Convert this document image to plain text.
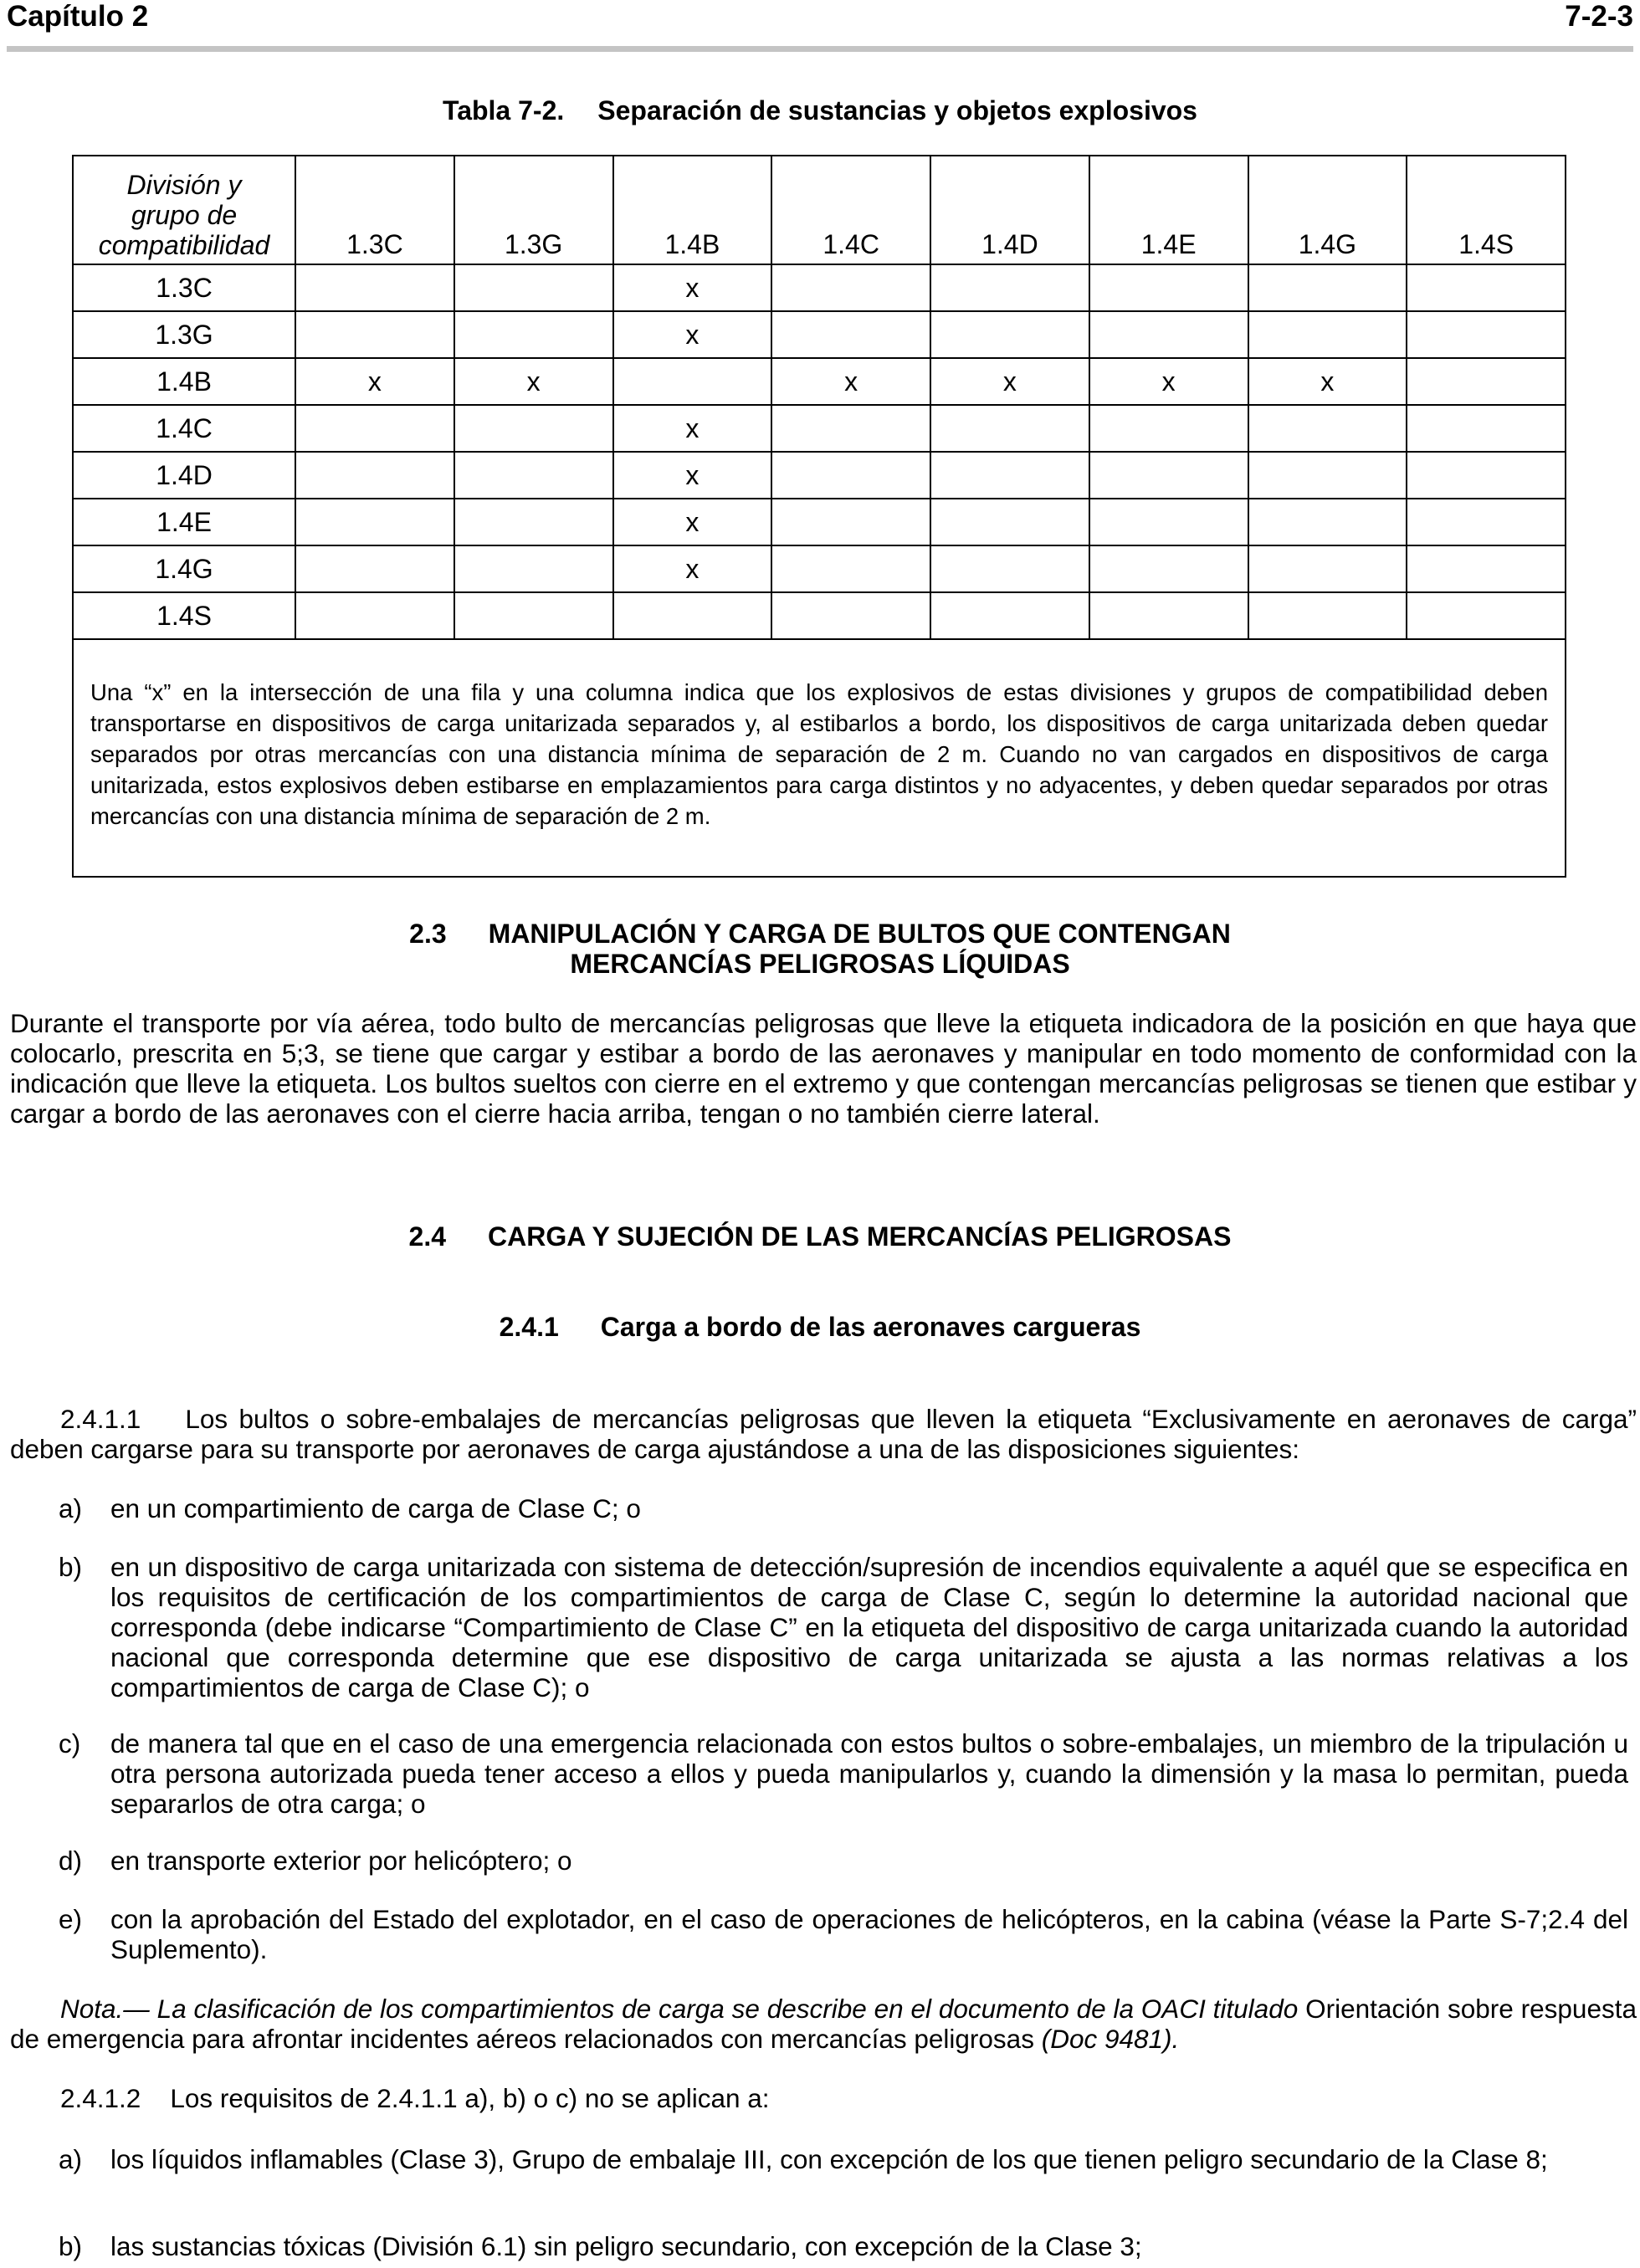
Capítulo 2	7-2-3
Tabla 7-2. Separación de sustancias y objetos explosivos
División y
grupo de
compatibilidad	1.3C	1.3G	1.4B	1.4C	1.4D	1.4E	1.4G	1.4S
1.3C			x					
1.3G			x					
1.4B	x	x		x	x	x	x	
1.4C			x					
1.4D			x					
1.4E			x					
1.4G			x					
1.4S								
Una “x” en la intersección de una fila y una columna indica que los explosivos de estas divisiones y grupos de compatibilidad deben transportarse en dispositivos de carga unitarizada separados y, al estibarlos a bordo, los dispositivos de carga unitarizada deben quedar separados por otras mercancías con una distancia mínima de separación de 2 m. Cuando no van cargados en dispositivos de carga unitarizada, estos explosivos deben estibarse en emplazamientos para carga distintos y no adyacentes, y deben quedar separados por otras mercancías con una distancia mínima de separación de 2 m.								
2.3 MANIPULACIÓN Y CARGA DE BULTOS QUE CONTENGAN
MERCANCÍAS PELIGROSAS LÍQUIDAS
Durante el transporte por vía aérea, todo bulto de mercancías peligrosas que lleve la etiqueta indicadora de la posición en que haya que colocarlo, prescrita en 5;3, se tiene que cargar y estibar a bordo de las aeronaves y manipular en todo momento de conformidad con la indicación que lleve la etiqueta. Los bultos sueltos con cierre en el extremo y que contengan mercancías peligrosas se tienen que estibar y cargar a bordo de las aeronaves con el cierre hacia arriba, tengan o no también cierre lateral.
2.4 CARGA Y SUJECIÓN DE LAS MERCANCÍAS PELIGROSAS
2.4.1 Carga a bordo de las aeronaves cargueras
2.4.1.1 Los bultos o sobre-embalajes de mercancías peligrosas que lleven la etiqueta “Exclusivamente en aeronaves de carga” deben cargarse para su transporte por aeronaves de carga ajustándose a una de las disposiciones siguientes:
a) en un compartimiento de carga de Clase C; o
b) en un dispositivo de carga unitarizada con sistema de detección/supresión de incendios equivalente a aquél que se especifica en los requisitos de certificación de los compartimientos de carga de Clase C, según lo determine la autoridad nacional que corresponda (debe indicarse “Compartimiento de Clase C” en la etiqueta del dispositivo de carga unitarizada cuando la autoridad nacional que corresponda determine que ese dispositivo de carga unitarizada se ajusta a las normas relativas a los compartimientos de carga de Clase C); o
c) de manera tal que en el caso de una emergencia relacionada con estos bultos o sobre-embalajes, un miembro de la tripulación u otra persona autorizada pueda tener acceso a ellos y pueda manipularlos y, cuando la dimensión y la masa lo permitan, pueda separarlos de otra carga; o
d) en transporte exterior por helicóptero; o
e) con la aprobación del Estado del explotador, en el caso de operaciones de helicópteros, en la cabina (véase la Parte S-7;2.4 del Suplemento).
Nota.— La clasificación de los compartimientos de carga se describe en el documento de la OACI titulado Orientación sobre respuesta de emergencia para afrontar incidentes aéreos relacionados con mercancías peligrosas (Doc 9481).
2.4.1.2 Los requisitos de 2.4.1.1 a), b) o c) no se aplican a:
a) los líquidos inflamables (Clase 3), Grupo de embalaje III, con excepción de los que tienen peligro secundario de la Clase 8;
b) las sustancias tóxicas (División 6.1) sin peligro secundario, con excepción de la Clase 3;
